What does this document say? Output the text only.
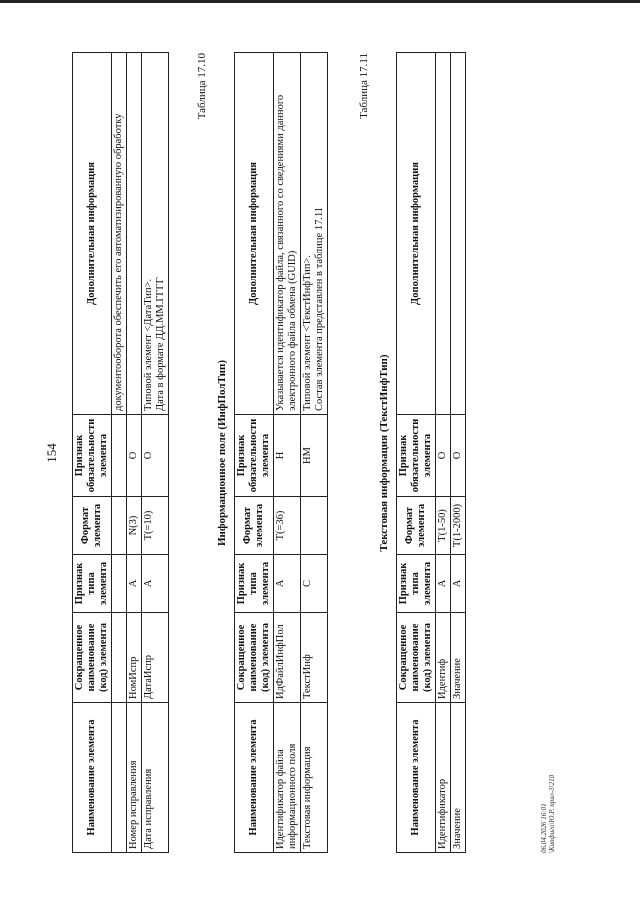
154
Наименование элемента	Сокращенное наименование (код) элемента	Признак типа элемента	Формат элемента	Признак обязательности элемента	Дополнительная информация
					документооборота обеспечить его автоматизированную обработку
Номер исправления	НомИспр	А	N(3)	О	
Дата исправления	ДатаИспр	А	T(=10)	О	Типовой элемент <ДатаТип>.
Дата в формате ДД.ММ.ГГГГ
Таблица 17.10
Информационное поле (ИнфПолТип)
Наименование элемента	Сокращенное наименование (код) элемента	Признак типа элемента	Формат элемента	Признак обязательности элемента	Дополнительная информация
Идентификатор файла информационного поля	ИдФайлИнфПол	А	T(=36)	Н	Указывается идентификатор файла, связанного со сведениями данного электронного файла обмена (GUID)
Текстовая информация	ТекстИнф	С		НМ	Типовой элемент <ТекстИнфТип>.
Состав элемента представлен в таблице 17.11
Таблица 17.11
Текстовая информация (ТекстИнфТип)
Наименование элемента	Сокращенное наименование (код) элемента	Признак типа элемента	Формат элемента	Признак обязательности элемента	Дополнительная информация
Идентификатор	Идентиф	А	T(1-50)	О	
Значение	Значение	А	T(1-2000)	О	
06.04.2026 16:01 \Кипфиго\Ю.Р. прил-3\210
